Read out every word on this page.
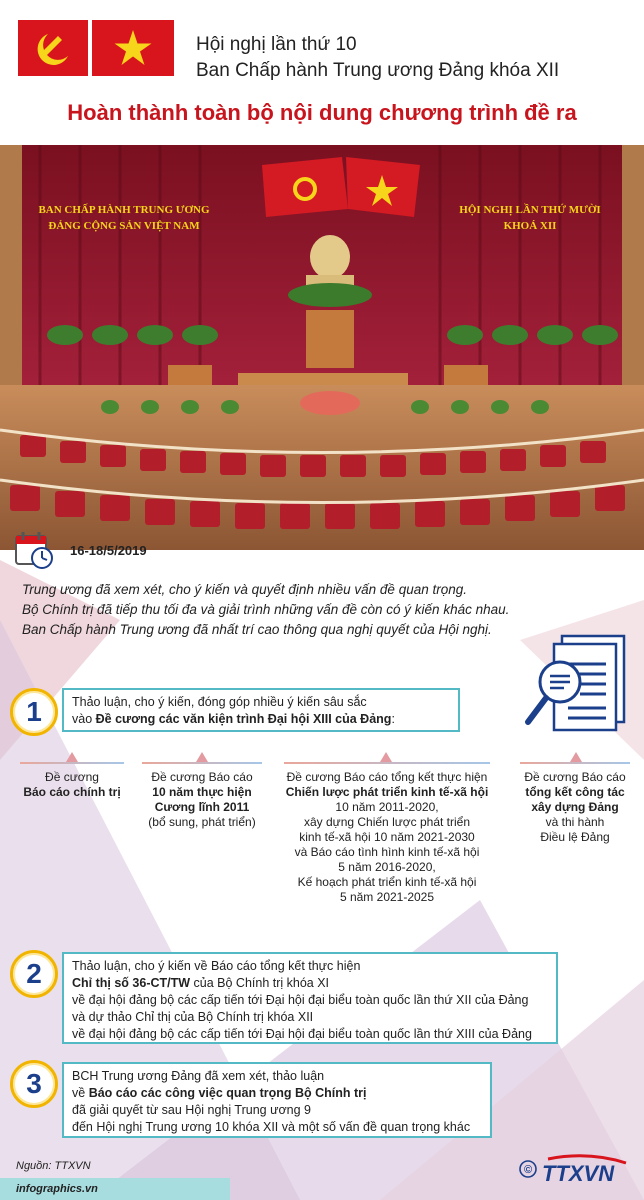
Hội nghị lần thứ 10
Ban Chấp hành Trung ương Đảng khóa XII
Hoàn thành toàn bộ nội dung chương trình đề ra
BAN CHẤP HÀNH TRUNG ƯƠNG
ĐẢNG CỘNG SẢN VIỆT NAM
HỘI NGHỊ LẦN THỨ MƯỜI
KHOÁ XII
16-18/5/2019
Trung ương đã xem xét, cho ý kiến và quyết định nhiều vấn đề quan trọng.
Bộ Chính trị đã tiếp thu tối đa và giải trình những vấn đề còn có ý kiến khác nhau.
Ban Chấp hành Trung ương đã nhất trí cao thông qua nghị quyết của Hội nghị.
1	Thảo luận, cho ý kiến, đóng góp nhiều ý kiến sâu sắc
vào Đề cương các văn kiện trình Đại hội XIII của Đảng:
Đề cương
Báo cáo chính trị
Đề cương Báo cáo
10 năm thực hiện
Cương lĩnh 2011
(bổ sung, phát triển)
Đề cương Báo cáo tổng kết thực hiện
Chiến lược phát triển kinh tế-xã hội
10 năm 2011-2020,
xây dựng Chiến lược phát triển
kinh tế-xã hội 10 năm 2021-2030
và Báo cáo tình hình kinh tế-xã hội
5 năm 2016-2020,
Kế hoạch phát triển kinh tế-xã hội
5 năm 2021-2025
Đề cương Báo cáo
tổng kết công tác
xây dựng Đảng
và thi hành
Điều lệ Đảng
2	Thảo luận, cho ý kiến về Báo cáo tổng kết thực hiện
Chỉ thị số 36-CT/TW của Bộ Chính trị khóa XI
về đại hội đảng bộ các cấp tiến tới Đại hội đại biểu toàn quốc lần thứ XII của Đảng
và dự thảo Chỉ thị của Bộ Chính trị khóa XII
về đại hội đảng bộ các cấp tiến tới Đại hội đại biểu toàn quốc lần thứ XIII của Đảng
3	BCH Trung ương Đảng đã xem xét, thảo luận
về Báo cáo các công việc quan trọng Bộ Chính trị
đã giải quyết từ sau Hội nghị Trung ương 9
đến Hội nghị Trung ương 10 khóa XII và một số vấn đề quan trọng khác
Nguồn: TTXVN
infographics.vn
© TTXVN
